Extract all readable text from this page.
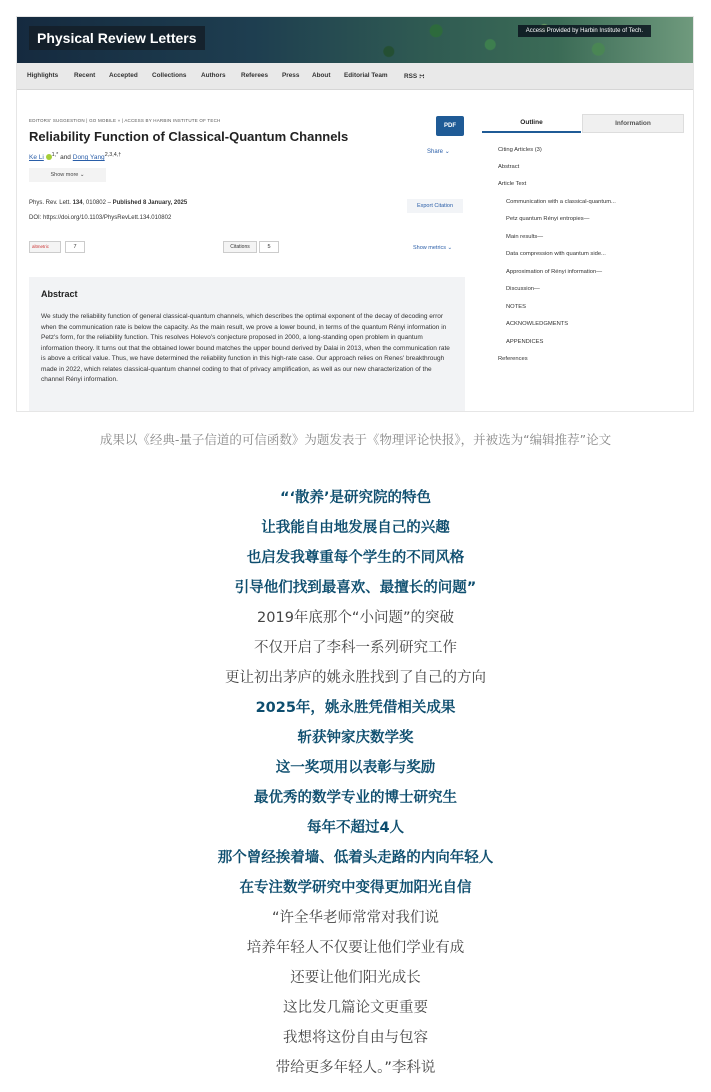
Physical Review Letters	Access Provided by Harbin Institute of Tech.
Highlights Recent Accepted Collections Authors Referees Press About Editorial Team	RSS ∺
EDITORS' SUGGESTION | GO MOBILE » | ACCESS BY HARBIN INSTITUTE OF TECH
Reliability Function of Classical-Quantum Channels
Ke Li $^{1,*}$ and Dong Yang$^{2,3,4,\dagger}$
Show more ⌄
Phys. Rev. Lett. 134, 010802 – Published 8 January, 2025
DOI: https://doi.org/10.1103/PhysRevLett.134.010802
PDF
Share ⌄
Export Citation
altmetric	7	Citations	5	Show metrics ⌄
Abstract
We study the reliability function of general classical-quantum channels, which describes the optimal exponent of the decay of decoding error when the communication rate is below the capacity. As the main result, we prove a lower bound, in terms of the quantum Rényi information in Petz's form, for the reliability function. This resolves Holevo's conjecture proposed in 2000, a long-standing open problem in quantum information theory. It turns out that the obtained lower bound matches the upper bound derived by Dalai in 2013, when the communication rate is above a critical value. Thus, we have determined the reliability function in this high-rate case. Our approach relies on Renes' breakthrough made in 2022, which relates classical-quantum channel coding to that of privacy amplification, as well as our new characterization of the channel Rényi information.
Outline	Information
Citing Articles (3)
Abstract
Article Text
Communication with a classical-quantum...
Petz quantum Rényi entropies—
Main results—
Data compression with quantum side...
Approximation of Rényi information—
Discussion—
NOTES
ACKNOWLEDGMENTS
APPENDICES
References
成果以《经典-量子信道的可信函数》为题发表于《物理评论快报》，并被选为“编辑推荐”论文
“‘散养’是研究院的特色
让我能自由地发展自己的兴趣
也启发我尊重每个学生的不同风格
引导他们找到最喜欢、最擅长的问题”
2019年底那个“小问题”的突破
不仅开启了李科一系列研究工作
更让初出茅庐的姚永胜找到了自己的方向
2025年，姚永胜凭借相关成果
斩获钟家庆数学奖
这一奖项用以表彰与奖励
最优秀的数学专业的博士研究生
每年不超过4人
那个曾经挨着墙、低着头走路的内向年轻人
在专注数学研究中变得更加阳光自信
“许全华老师常常对我们说
培养年轻人不仅要让他们学业有成
还要让他们阳光成长
这比发几篇论文更重要
我想将这份自由与包容
带给更多年轻人。”李科说
